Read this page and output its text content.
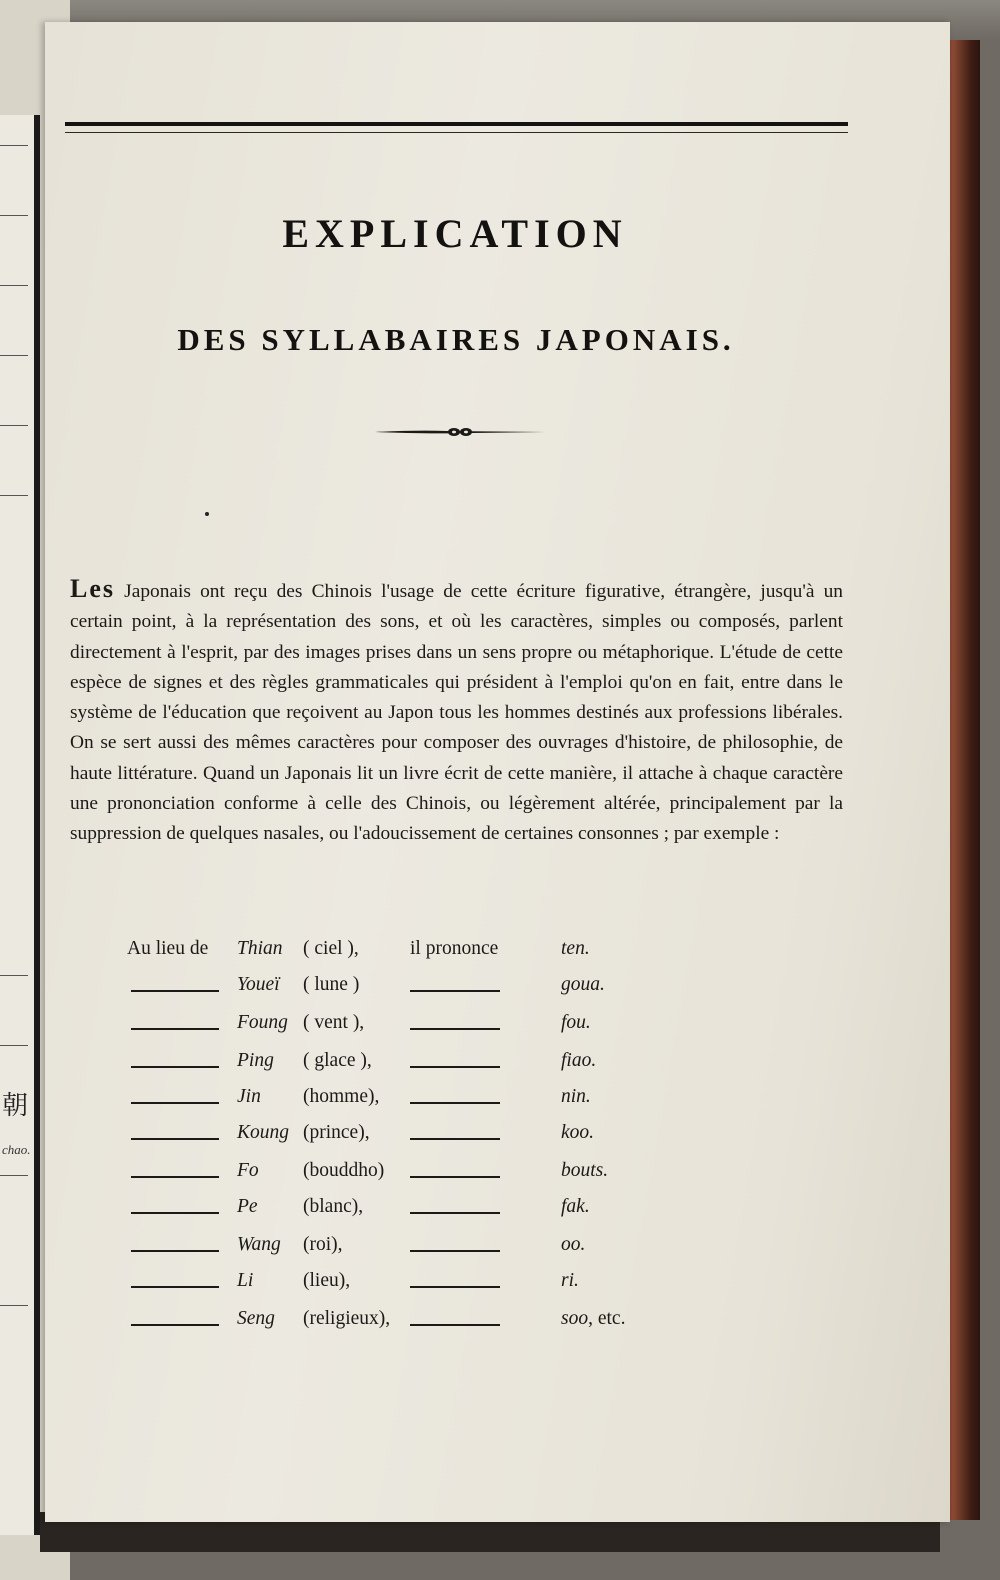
朝
chao.
EXPLICATION
DES SYLLABAIRES JAPONAIS.

Les Japonais ont reçu des Chinois l'usage de cette écriture figurative, étrangère, jusqu'à un certain point, à la représentation des sons, et où les caractères, simples ou composés, parlent directement à l'esprit, par des images prises dans un sens propre ou métaphorique. L'étude de cette espèce de signes et des règles grammaticales qui président à l'emploi qu'on en fait, entre dans le système de l'éducation que reçoivent au Japon tous les hommes destinés aux professions libérales. On se sert aussi des mêmes caractères pour composer des ouvrages d'histoire, de philosophie, de haute littérature. Quand un Japonais lit un livre écrit de cette manière, il attache à chaque caractère une prononciation conforme à celle des Chinois, ou légèrement altérée, principalement par la suppression de quelques nasales, ou l'adoucissement de certaines consonnes ; par exemple :

Au lieu de Thian ( ciel ),	il prononce	ten.
Youeï ( lune )	goua.
Foung ( vent ),	fou.
Ping ( glace ),	fiao.
Jin (homme),	nin.
Koung (prince),	koo.
Fo (bouddho)	bouts.
Pe (blanc),	fak.
Wang (roi),	oo.
Li	(lieu),	ri.
Seng (religieux),	soo, etc.
